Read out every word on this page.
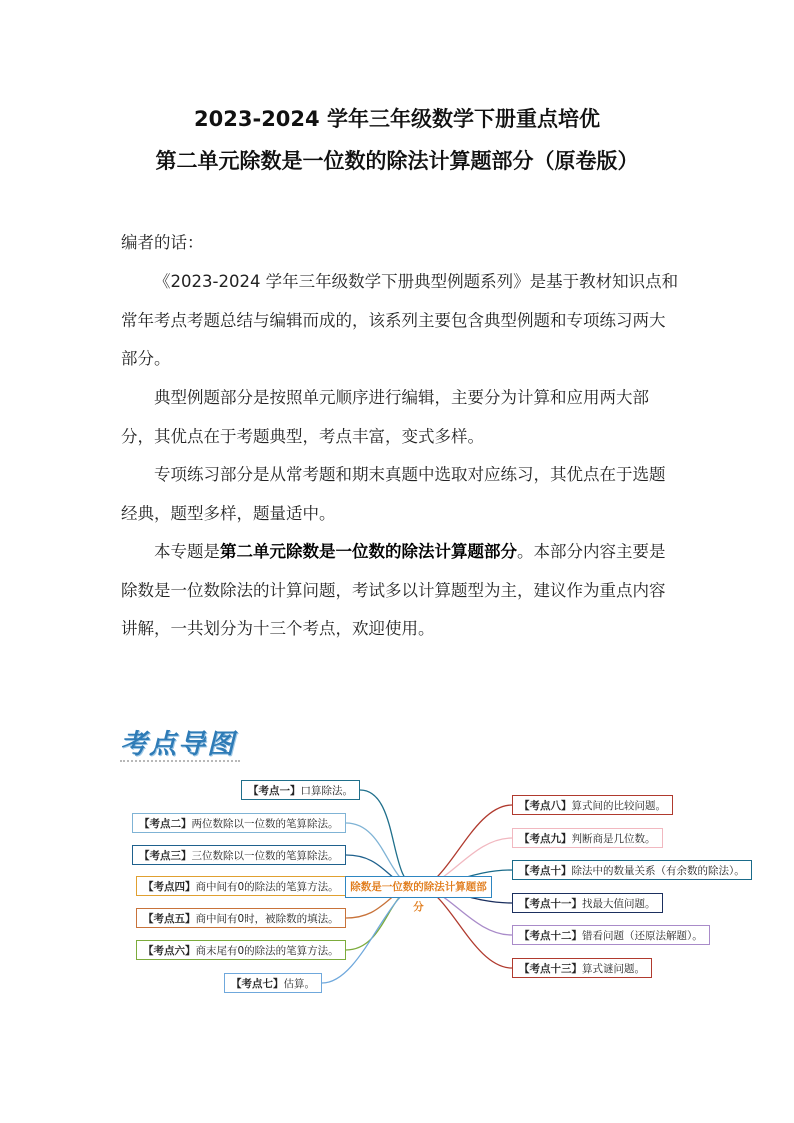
2023-2024 学年三年级数学下册重点培优
第二单元除数是一位数的除法计算题部分（原卷版）
编者的话：
《2023-2024 学年三年级数学下册典型例题系列》是基于教材知识点和常年考点考题总结与编辑而成的，该系列主要包含典型例题和专项练习两大部分。
典型例题部分是按照单元顺序进行编辑，主要分为计算和应用两大部分，其优点在于考题典型，考点丰富，变式多样。
专项练习部分是从常考题和期末真题中选取对应练习，其优点在于选题经典，题型多样，题量适中。
本专题是第二单元除数是一位数的除法计算题部分。本部分内容主要是除数是一位数除法的计算问题，考试多以计算题型为主，建议作为重点内容讲解，一共划分为十三个考点，欢迎使用。
考点导图
【考点一】口算除法。
【考点二】两位数除以一位数的笔算除法。
【考点三】三位数除以一位数的笔算除法。
【考点四】商中间有0的除法的笔算方法。
【考点五】商中间有0时，被除数的填法。
【考点六】商末尾有0的除法的笔算方法。
【考点七】估算。
【考点八】算式间的比较问题。
【考点九】判断商是几位数。
【考点十】除法中的数量关系（有余数的除法）。
【考点十一】找最大值问题。
【考点十二】错看问题（还原法解题）。
【考点十三】算式谜问题。
除数是一位数的除法计算题部分
